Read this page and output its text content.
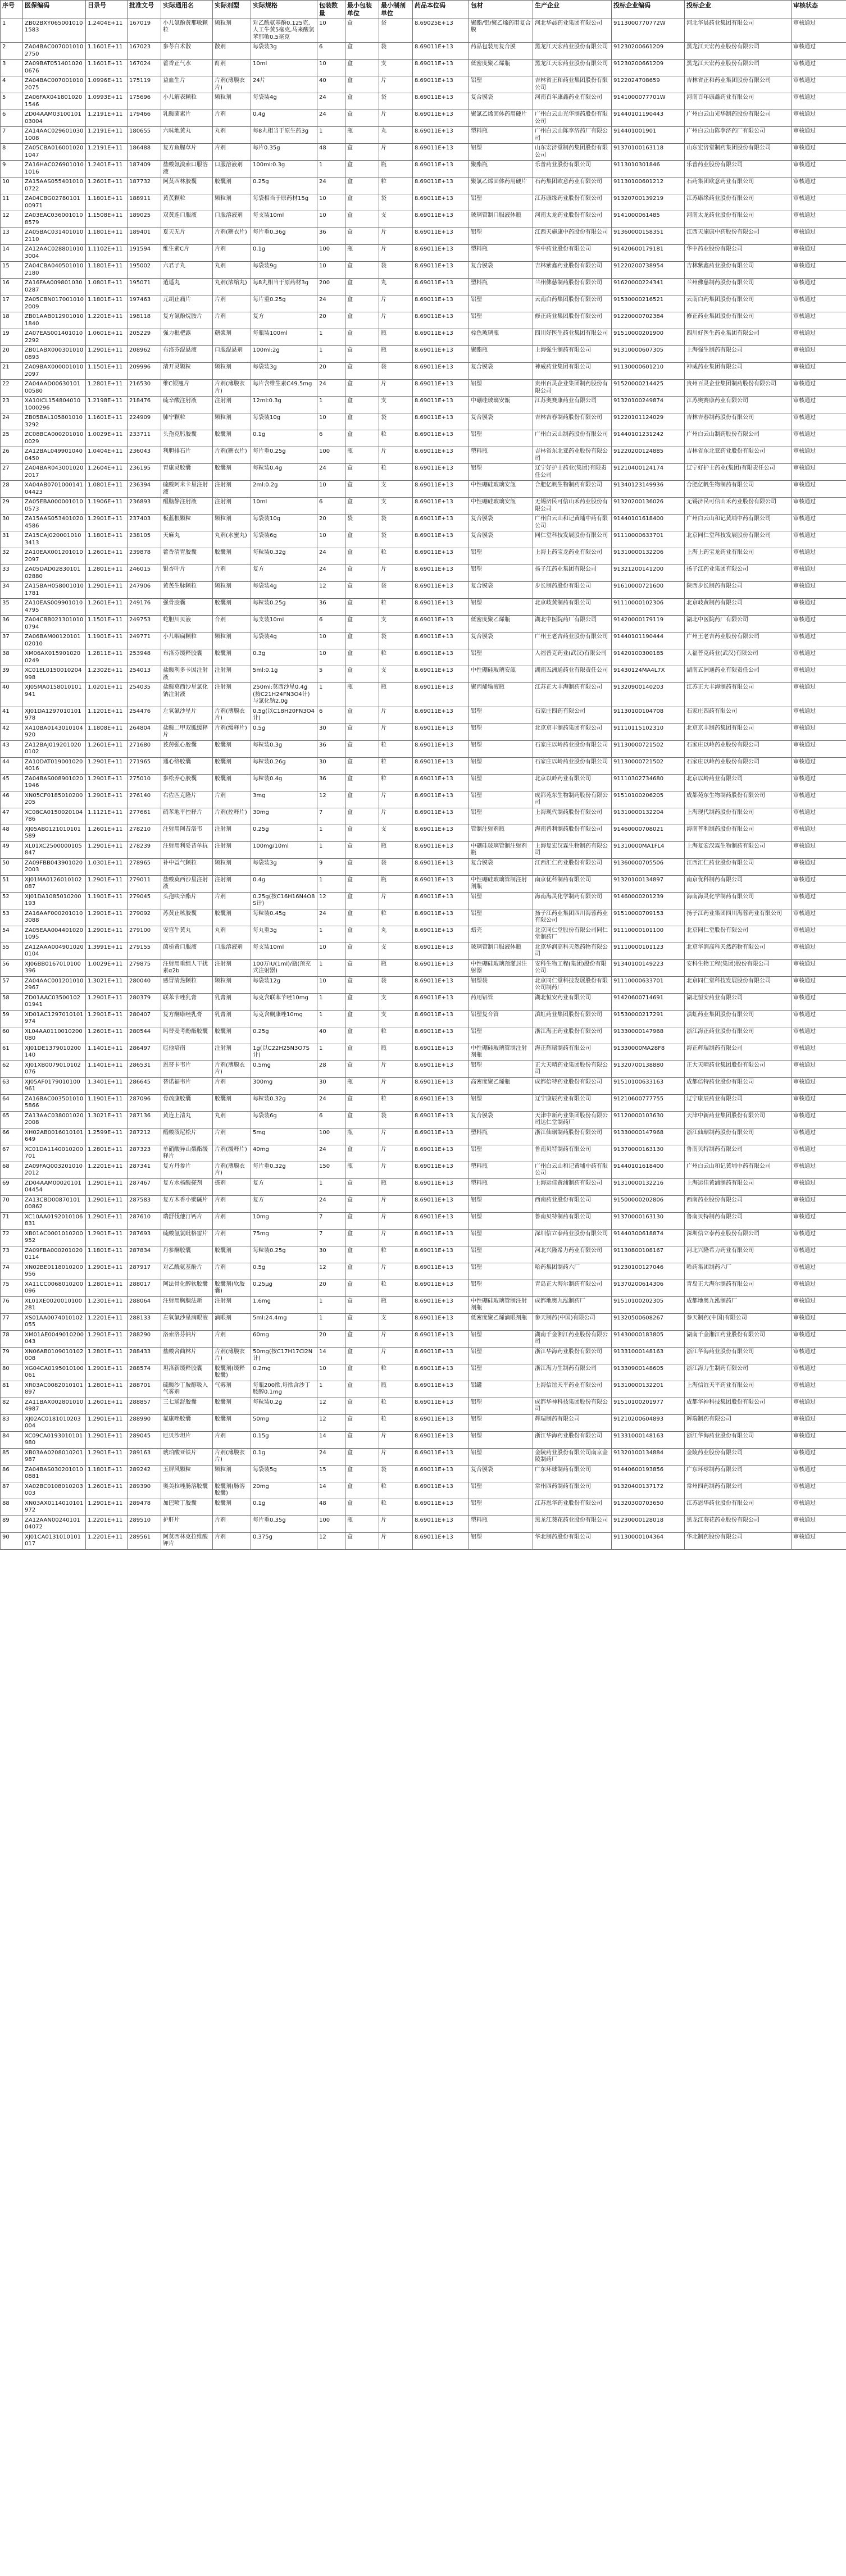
序号	医保编码	目录号	批准文号	实际通用名	实际剂型	实际规格	包装数量	最小包装单位	最小制剂单位	药品本位码	包材	生产企业	投标企业编码	投标企业	审核状态
1	ZB02BXY0650010101583	1.2404E+11	167019	小儿氨酚黄那敏颗粒	颗粒剂	对乙酰氨基酚0.125克,人工牛黄5毫克,马来酸氯苯那敏0.5毫克	10	盒	袋	8.69025E+13	聚酯/铝/聚乙烯药用复合膜	河北华晨药业集团有限公司	9113000770772W	河北华晨药业集团有限公司	审核通过
2	ZA04BAC0070010102750	1.1601E+11	167023	参苓白术散	散剂	每袋装3g	6	盒	袋	8.69011E+13	药品包装用复合膜	黑龙江天宏药业股份有限公司	91230200661209	黑龙江天宏药业股份有限公司	审核通过
3	ZA09BAT0514010200676	1.1601E+11	167024	藿香正气水	酊剂	10ml	10	盒	支	8.69011E+13	低密度聚乙烯瓶	黑龙江天宏药业股份有限公司	91230200661209	黑龙江天宏药业股份有限公司	审核通过
4	ZA04BAC0070010102075	1.0996E+11	175119	益血生片	片剂(薄膜衣片)	24片	40	盒	片	8.69011E+13	铝塑	吉林省正和药业集团股份有限公司	9122024708659	吉林省正和药业集团股份有限公司	审核通过
5	ZA06FAX0418010201546	1.0993E+11	175696	小儿解表颗粒	颗粒剂	每袋装4g	24	盒	袋	8.69011E+13	复合膜袋	河南百年康鑫药业有限公司	9141000077701W	河南百年康鑫药业有限公司	审核通过
6	ZD04AAM0310010103004	1.2191E+11	179466	乳酸菌素片	片剂	0.4g	24	盒	片	8.69011E+13	聚氯乙烯固体药用硬片	广州白云山光华制药股份有限公司	91440101190443	广州白云山光华制药股份有限公司	审核通过
7	ZA14AAC0296010301008	1.2191E+11	180655	六味地黄丸	丸剂	每8丸相当于原生药3g	1	瓶	丸	8.69011E+13	塑料瓶	广州白云山陈李济药厂有限公司	914401001901	广州白云山陈李济药厂有限公司	审核通过
8	ZA05CBA0160010201047	1.2191E+11	186488	复方鱼腥草片	片剂	每片0.35g	48	盒	片	8.69011E+13	铝塑	山东宏济堂制药集团股份有限公司	91370100163118	山东宏济堂制药集团股份有限公司	审核通过
9	ZA16HAC0269010101016	1.2401E+11	187409	盐酸氨溴索口服溶液	口服溶液剂	100ml:0.3g	1	盒	瓶	8.69011E+13	聚酯瓶	乐普药业股份有限公司	9113010301846	乐普药业股份有限公司	审核通过
10	ZA15AAS0554010100722	1.2601E+11	187732	阿莫西林胶囊	胶囊剂	0.25g	24	盒	粒	8.69011E+13	聚氯乙烯固体药用硬片	石药集团欧意药业有限公司	91130100601212	石药集团欧意药业有限公司	审核通过
11	ZA04CBG0278010100971	1.1801E+11	188911	黄芪颗粒	颗粒剂	每袋相当于原药材15g	10	盒	袋	8.69011E+13	铝塑	江苏康缘药业股份有限公司	91320700139219	江苏康缘药业股份有限公司	审核通过
12	ZA03EAC0360010108579	1.1508E+11	189025	双黄连口服液	口服溶液剂	每支装10ml	10	盒	支	8.69011E+13	玻璃管制口服液体瓶	河南太龙药业股份有限公司	9141000061485	河南太龙药业股份有限公司	审核通过
13	ZA05BAC0314010102110	1.1801E+11	189401	夏天无片	片剂(糖衣片)	每片重0.36g	36	盒	片	8.69011E+13	铝塑	江西天施康中药股份有限公司	91360000158351	江西天施康中药股份有限公司	审核通过
14	ZA12AAC0288010103004	1.1102E+11	191594	维生素C片	片剂	0.1g	100	瓶	片	8.69011E+13	塑料瓶	华中药业股份有限公司	91420600179181	华中药业股份有限公司	审核通过
15	ZA04CBA0405010102180	1.1801E+11	195002	六君子丸	丸剂	每袋装9g	10	盒	袋	8.69011E+13	复合膜袋	吉林紫鑫药业股份有限公司	91220200738954	吉林紫鑫药业股份有限公司	审核通过
16	ZA16FAA0098010300287	1.0801E+11	195071	逍遥丸	丸剂(浓缩丸)	每8丸相当于原药材3g	200	盒	丸	8.69011E+13	塑料瓶	兰州佛慈制药股份有限公司	91620000224341	兰州佛慈制药股份有限公司	审核通过
17	ZA05CBN0170010102009	1.1801E+11	197463	元胡止痛片	片剂	每片重0.25g	24	盒	片	8.69011E+13	铝塑	云南白药集团股份有限公司	91530000216521	云南白药集团股份有限公司	审核通过
18	ZB01AAB0129010101840	1.2201E+11	198118	复方氨酚烷胺片	片剂	复方	20	盒	片	8.69011E+13	铝塑	修正药业集团股份有限公司	91220000702384	修正药业集团股份有限公司	审核通过
19	ZA07EAS0014010102292	1.0601E+11	205229	强力枇杷露	糖浆剂	每瓶装100ml	1	盒	瓶	8.69011E+13	棕色玻璃瓶	四川好医生药业集团有限公司	91510000201900	四川好医生药业集团有限公司	审核通过
20	ZB01ABX0003010100893	1.2901E+11	208962	布洛芬混悬液	口服混悬剂	100ml:2g	1	盒	瓶	8.69011E+13	聚酯瓶	上海强生制药有限公司	91310000607305	上海强生制药有限公司	审核通过
21	ZA09BAX0000010102097	1.1501E+11	209996	清开灵颗粒	颗粒剂	每袋装3g	20	盒	袋	8.69011E+13	复合膜袋	神威药业集团有限公司	91130000601210	神威药业集团有限公司	审核通过
22	ZA04AAD0063010100580	1.2801E+11	216530	维C银翘片	片剂(薄膜衣片)	每片含维生素C49.5mg	24	盒	片	8.69011E+13	铝塑	贵州百灵企业集团制药股份有限公司	91520000214425	贵州百灵企业集团制药股份有限公司	审核通过
23	XA10ICL1548040101000296	1.2198E+11	218476	硫辛酸注射液	注射剂	12ml:0.3g	1	盒	支	8.69011E+13	中硼硅玻璃安瓿	江苏奥赛康药业有限公司	91320100249874	江苏奥赛康药业有限公司	审核通过
24	ZB05BAL1058010103292	1.1601E+11	224909	肺宁颗粒	颗粒剂	每袋装10g	10	盒	袋	8.69011E+13	复合膜袋	吉林吉春制药股份有限公司	91220101124029	吉林吉春制药股份有限公司	审核通过
25	ZC08BCA0002010100029	1.0029E+11	233711	头孢克肟胶囊	胶囊剂	0.1g	6	盒	粒	8.69011E+13	铝塑	广州白云山制药股份有限公司	91440101231242	广州白云山制药股份有限公司	审核通过
26	ZA12BAL0499010400450	1.0404E+11	236043	利胆排石片	片剂(糖衣片)	每片重0.25g	100	瓶	片	8.69011E+13	塑料瓶	吉林省东北亚药业股份有限公司	91220200124885	吉林省东北亚药业股份有限公司	审核通过
27	ZA04BAR0430010202017	1.2604E+11	236195	胃康灵胶囊	胶囊剂	每粒装0.4g	24	盒	粒	8.69011E+13	铝塑	辽宁好护士药业(集团)有限责任公司	91210400124174	辽宁好护士药业(集团)有限责任公司	审核通过
28	XA04AB070100014104423	1.0801E+11	236394	硫酸阿米卡星注射液	注射剂	2ml:0.2g	10	盒	支	8.69011E+13	中性硼硅玻璃安瓿	合肥亿帆生物制药有限公司	91340123149936	合肥亿帆生物制药有限公司	审核通过
29	ZA05EBA0000010100573	1.1906E+11	236893	醒脑静注射液	注射剂	10ml	6	盒	支	8.69011E+13	中性硼硅玻璃安瓿	无锡济民可信山禾药业股份有限公司	91320200136026	无锡济民可信山禾药业股份有限公司	审核通过
30	ZA15AAS0534010204586	1.2901E+11	237403	板蓝根颗粒	颗粒剂	每袋装10g	20	袋	袋	8.69011E+13	复合膜袋	广州白云山和记黄埔中药有限公司	91440101618400	广州白云山和记黄埔中药有限公司	审核通过
31	ZA15CAJ0200010103413	1.1801E+11	238105	天麻丸	丸剂(水蜜丸)	每袋装6g	10	盒	袋	8.69011E+13	复合膜袋	同仁堂科技发展股份有限公司	91110000633701	北京同仁堂科技发展股份有限公司	审核通过
32	ZA10EAX0012010102097	1.2601E+11	239878	藿香清胃胶囊	胶囊剂	每粒装0.32g	24	盒	粒	8.69011E+13	铝塑	上海上药宝龙药业有限公司	91310000132206	上海上药宝龙药业有限公司	审核通过
33	ZA05DAD0283010102880	1.2801E+11	246015	银杏叶片	片剂	复方	24	盒	片	8.69011E+13	铝塑	扬子江药业集团有限公司	91321200141200	扬子江药业集团有限公司	审核通过
34	ZA15BAH0580010101781	1.2901E+11	247906	黄芪生脉颗粒	颗粒剂	每袋装4g	12	盒	袋	8.69011E+13	复合膜袋	步长制药股份有限公司	91610000721600	陕西步长制药有限公司	审核通过
35	ZA10EAS0099010104795	1.2601E+11	249176	强骨胶囊	胶囊剂	每粒装0.25g	36	盒	粒	8.69011E+13	铝塑	北京岐黄制药有限公司	91110000102306	北京岐黄制药有限公司	审核通过
36	ZA04CBB0213010100794	1.1501E+11	249753	蛇胆川贝液	合剂	每支装10ml	6	盒	支	8.69011E+13	低密度聚乙烯瓶	湖北中医院药厂有限公司	91420000179119	湖北中医院药厂有限公司	审核通过
37	ZA06BAM0012010102010	1.1901E+11	249771	小儿咽扁颗粒	颗粒剂	每袋装4g	10	盒	袋	8.69011E+13	复合膜袋	广州王老吉药业股份有限公司	91440101190444	广州王老吉药业股份有限公司	审核通过
38	XM06AX0159010200249	1.2811E+11	253948	布洛芬缓释胶囊	胶囊剂	0.3g	10	盒	粒	8.69011E+13	铝塑	人福普克药业(武汉)有限公司	91420100300185	人福普克药业(武汉)有限公司	审核通过
39	XC01EL0150010204998	1.2302E+11	254013	盐酸利多卡因注射液	注射剂	5ml:0.1g	5	盒	支	8.69011E+13	中性硼硅玻璃安瓿	湖南五洲通药业有限责任公司	91430124MA4L7X	湖南五洲通药业有限责任公司	审核通过
40	XJ05MA0158010101941	1.0201E+11	254035	盐酸莫西沙星氯化钠注射液	注射剂	250ml:莫西沙星0.4g(按C21H24FN3O4计)与氯化钠2.0g	1	瓶	瓶	8.69011E+13	聚丙烯输液瓶	江苏正大丰海制药有限公司	91320900140203	江苏正大丰海制药有限公司	审核通过
41	XJ01DA1297010101978	1.1201E+11	254476	左氧氟沙星片	片剂(薄膜衣片)	0.5g(以C18H20FN3O4计)	6	盒	片	8.69011E+13	铝塑	石家庄四药有限公司	91130100104708	石家庄四药有限公司	审核通过
42	XA10BA0143010104920	1.1808E+11	264804	盐酸二甲双胍缓释片	片剂(缓释片)	0.5g	30	盒	片	8.69011E+13	铝塑	北京京丰制药集团有限公司	91110115102310	北京京丰制药集团有限公司	审核通过
43	ZA12BAJ0192010200102	1.2601E+11	271680	芪苈强心胶囊	胶囊剂	每粒装0.3g	36	盒	粒	8.69011E+13	铝塑	石家庄以岭药业股份有限公司	91130000721502	石家庄以岭药业股份有限公司	审核通过
44	ZA10DAT0190010204016	1.2901E+11	271965	通心络胶囊	胶囊剂	每粒装0.26g	30	盒	粒	8.69011E+13	铝塑	石家庄以岭药业股份有限公司	91130000721502	石家庄以岭药业股份有限公司	审核通过
45	ZA04BAS0089010201946	1.2901E+11	275010	参松养心胶囊	胶囊剂	每粒装0.4g	36	盒	粒	8.69011E+13	铝塑	北京以岭药业有限公司	91110302734680	北京以岭药业有限公司	审核通过
46	XN05CF0185010200205	1.2901E+11	276140	右佐匹克隆片	片剂	3mg	12	盒	片	8.69011E+13	铝塑	成都苑东生物制药股份有限公司	91510100206205	成都苑东生物制药股份有限公司	审核通过
47	XC08CA0150020104786	1.1121E+11	277661	硝苯地平控释片	片剂(控释片)	30mg	7	盒	片	8.69011E+13	铝塑	上海现代制药股份有限公司	91310000132204	上海现代制药股份有限公司	审核通过
48	XJ05AB0121010101589	1.2601E+11	278210	注射用阿昔洛韦	注射剂	0.25g	1	盒	支	8.69011E+13	管制注射剂瓶	海南普利制药股份有限公司	91460000708021	海南普利制药股份有限公司	审核通过
49	XL01XC2500000105847	1.2901E+11	278239	注射用利妥昔单抗	注射剂	100mg/10ml	1	盒	瓶	8.69011E+13	中硼硅玻璃管制注射剂瓶	上海复宏汉霖生物制药有限公司	91310000MA1FL4	上海复宏汉霖生物制药有限公司	审核通过
50	ZA09FBB0439010202003	1.0301E+11	278965	补中益气颗粒	颗粒剂	每袋装3g	9	盒	袋	8.69011E+13	复合膜袋	江西汇仁药业股份有限公司	91360000705506	江西汇仁药业股份有限公司	审核通过
51	XJ01MA0126010102087	1.2901E+11	279011	盐酸莫西沙星注射液	注射剂	0.4g	1	盒	瓶	8.69011E+13	中性硼硅玻璃管制注射剂瓶	南京优科制药有限公司	91320100134897	南京优科制药有限公司	审核通过
52	XJ01DA1085010200193	1.1901E+11	279045	头孢呋辛酯片	片剂	0.25g(按C16H16N4O8S计)	12	盒	片	8.69011E+13	铝塑	海南海灵化学制药有限公司	91460000201239	海南海灵化学制药有限公司	审核通过
53	ZA16AAF0002010103088	1.2901E+11	279092	苏黄止咳胶囊	胶囊剂	每粒装0.45g	24	盒	粒	8.69011E+13	铝塑	扬子江药业集团四川海蓉药业有限公司	91510000709153	扬子江药业集团四川海蓉药业有限公司	审核通过
54	ZA05EAA0044010201095	1.2901E+11	279100	安宫牛黄丸	丸剂	每丸重3g	1	盒	丸	8.69011E+13	蜡壳	北京同仁堂股份有限公司同仁堂制药厂	91110000101100	北京同仁堂股份有限公司	审核通过
55	ZA12AAA0049010200104	1.3991E+11	279155	茵栀黄口服液	口服溶液剂	每支装10ml	10	盒	支	8.69011E+13	玻璃管制口服液体瓶	北京华润高科天然药物有限公司	91110000101123	北京华润高科天然药物有限公司	审核通过
56	XJ06BB0167010100396	1.0029E+11	279875	注射用重组人干扰素α2b	注射剂	100万IU(1ml)/瓶(预充式注射器)	1	盒	瓶	8.69011E+13	中性硼硅玻璃预灌封注射器	安科生物工程(集团)股份有限公司	91340100149223	安科生物工程(集团)股份有限公司	审核通过
57	ZA04AAC0012010102967	1.3021E+11	280040	感冒清热颗粒	颗粒剂	每袋装12g	10	盒	袋	8.69011E+13	铝塑袋	北京同仁堂科技发展股份有限公司制药厂	91110000633701	北京同仁堂科技发展股份有限公司	审核通过
58	ZD01AAC0350010201941	1.2901E+11	280379	联苯苄唑乳膏	乳膏剂	每克含联苯苄唑10mg	1	盒	支	8.69011E+13	药用铝管	湖北恒安药业有限公司	91420600714691	湖北恒安药业有限公司	审核通过
59	XD01AC1297010101974	1.2901E+11	280407	复方酮康唑乳膏	乳膏剂	每克含酮康唑10mg	1	盒	支	8.69011E+13	铝塑复合管	滇虹药业集团股份有限公司	91530000217291	滇虹药业集团股份有限公司	审核通过
60	XL04AA0110010200080	1.2601E+11	280544	吗替麦考酚酯胶囊	胶囊剂	0.25g	40	盒	粒	8.69011E+13	铝塑	浙江海正药业股份有限公司	91330000147968	浙江海正药业股份有限公司	审核通过
61	XJ01DE1379010200140	1.1401E+11	286497	厄他培南	注射剂	1g(以C22H25N3O7S计)	1	盒	瓶	8.69011E+13	中性硼硅玻璃管制注射剂瓶	海正辉瑞制药有限公司	91330000MA28F8	海正辉瑞制药有限公司	审核通过
62	XJ01XB0079010102076	1.1401E+11	286531	恩替卡韦片	片剂(薄膜衣片)	0.5mg	28	盒	片	8.69011E+13	铝塑	正大天晴药业集团股份有限公司	91320700138880	正大天晴药业集团股份有限公司	审核通过
63	XJ05AF0179010100961	1.3401E+11	286645	替诺福韦片	片剂	300mg	30	瓶	片	8.69011E+13	高密度聚乙烯瓶	成都倍特药业股份有限公司	91510100633163	成都倍特药业股份有限公司	审核通过
64	ZA16BAC0035010105866	1.1901E+11	287096	骨疏康胶囊	胶囊剂	每粒装0.32g	24	盒	粒	8.69011E+13	铝塑	辽宁康辰药业有限公司	91210600777755	辽宁康辰药业有限公司	审核通过
65	ZA13AAC0380010202008	1.3021E+11	287136	黄连上清丸	丸剂	每袋装6g	6	盒	袋	8.69011E+13	复合膜袋	天津中新药业集团股份有限公司达仁堂制药厂	91120000103630	天津中新药业集团股份有限公司	审核通过
66	XH02AB0016010101649	1.2599E+11	287212	醋酸泼尼松片	片剂	5mg	100	瓶	片	8.69011E+13	塑料瓶	浙江仙琚制药股份有限公司	91330000147968	浙江仙琚制药股份有限公司	审核通过
67	XC01DA1140010200701	1.2801E+11	287323	单硝酸异山梨酯缓释片	片剂(缓释片)	40mg	24	盒	片	8.69011E+13	铝塑	鲁南贝特制药有限公司	91370000163130	鲁南贝特制药有限公司	审核通过
68	ZA09FAQ0032010102012	1.2201E+11	287341	复方丹参片	片剂(薄膜衣片)	每片重0.32g	150	瓶	片	8.69011E+13	塑料瓶	广州白云山和记黄埔中药有限公司	91440101618400	广州白云山和记黄埔中药有限公司	审核通过
69	ZD04AAM0002010104454	1.2901E+11	287467	复方水杨酸搽剂	搽剂	复方	1	盒	瓶	8.69011E+13	塑料瓶	上海运佳黄浦制药有限公司	91310000132216	上海运佳黄浦制药有限公司	审核通过
70	ZA13CBD0087010100862	1.2901E+11	287583	复方木香小檗碱片	片剂	复方	24	盒	片	8.69011E+13	铝塑	西南药业股份有限公司	91500000202806	西南药业股份有限公司	审核通过
71	XC10AA0192010106831	1.2901E+11	287610	瑞舒伐他汀钙片	片剂	10mg	7	盒	片	8.69011E+13	铝塑	鲁南贝特制药有限公司	91370000163130	鲁南贝特制药有限公司	审核通过
72	XB01AC0001010200952	1.2901E+11	287693	硫酸氢氯吡格雷片	片剂	75mg	7	盒	片	8.69011E+13	铝塑	深圳信立泰药业股份有限公司	91440300618874	深圳信立泰药业股份有限公司	审核通过
73	ZA09FBA0002010200114	1.1801E+11	287834	丹参酮胶囊	胶囊剂	每粒装0.25g	30	盒	粒	8.69011E+13	铝塑	河北兴隆希力药业有限公司	91130800108167	河北兴隆希力药业有限公司	审核通过
74	XN02BE0118010200956	1.2901E+11	287917	对乙酰氨基酚片	片剂	0.5g	12	盒	片	8.69011E+13	铝塑	哈药集团制药六厂	91230100127046	哈药集团制药六厂	审核通过
75	XA11CC0068010200096	1.2801E+11	288017	阿法骨化醇软胶囊	胶囊剂(软胶囊)	0.25μg	20	盒	粒	8.69011E+13	铝塑	青岛正大海尔制药有限公司	91370200614306	青岛正大海尔制药有限公司	审核通过
76	XL01XE0020010100281	1.2301E+11	288064	注射用胸腺法新	注射剂	1.6mg	1	盒	瓶	8.69011E+13	中性硼硅玻璃管制注射剂瓶	成都地奥九泓制药厂	91510100202305	成都地奥九泓制药厂	审核通过
77	XS01AA0074010102055	1.2201E+11	288133	左氧氟沙星滴眼液	滴眼剂	5ml:24.4mg	1	盒	支	8.69011E+13	低密度聚乙烯滴眼剂瓶	参天制药(中国)有限公司	91320500608267	参天制药(中国)有限公司	审核通过
78	XM01AE0049010200043	1.2901E+11	288290	洛索洛芬钠片	片剂	60mg	20	盒	片	8.69011E+13	铝塑	湖南千金湘江药业股份有限公司	91430000183805	湖南千金湘江药业股份有限公司	审核通过
79	XN06AB0109010102008	1.2801E+11	288433	盐酸舍曲林片	片剂(薄膜衣片)	50mg(按C17H17Cl2N计)	14	盒	片	8.69011E+13	铝塑	浙江华海药业股份有限公司	91331000148163	浙江华海药业股份有限公司	审核通过
80	XG04CA0195010100061	1.2901E+11	288574	坦洛新缓释胶囊	胶囊剂(缓释胶囊)	0.2mg	10	盒	粒	8.69011E+13	铝塑	浙江海力生制药有限公司	91330900148605	浙江海力生制药有限公司	审核通过
81	XR03AC0082010101897	1.2801E+11	288701	硫酸沙丁胺醇吸入气雾剂	气雾剂	每瓶200揿,每揿含沙丁胺醇0.1mg	1	盒	瓶	8.69011E+13	铝罐	上海信谊天平药业有限公司	91310000132201	上海信谊天平药业有限公司	审核通过
82	ZA11BAX0028010104987	1.2601E+11	288857	三七通舒胶囊	胶囊剂	每粒装0.2g	12	盒	粒	8.69011E+13	铝塑	成都华神科技集团股份有限公司	91510100201977	成都华神科技集团股份有限公司	审核通过
83	XJ02AC0181010203004	1.2901E+11	288990	氟康唑胶囊	胶囊剂	50mg	12	盒	粒	8.69011E+13	铝塑	辉瑞制药有限公司	91210200604893	辉瑞制药有限公司	审核通过
84	XC09CA0193010101980	1.2901E+11	289045	厄贝沙坦片	片剂	0.15g	14	盒	片	8.69011E+13	铝塑	浙江华海药业股份有限公司	91331000148163	浙江华海药业股份有限公司	审核通过
85	XB03AA0208010201987	1.2901E+11	289163	琥珀酸亚铁片	片剂(薄膜衣片)	0.1g	24	盒	片	8.69011E+13	铝塑	金陵药业股份有限公司南京金陵制药厂	91320100134884	金陵药业股份有限公司	审核通过
86	ZA04BAS0302010100881	1.1801E+11	289242	玉屏风颗粒	颗粒剂	每袋装5g	15	盒	袋	8.69011E+13	复合膜袋	广东环球制药有限公司	91440600193856	广东环球制药有限公司	审核通过
87	XA02BC0108010203003	1.2601E+11	289390	奥美拉唑肠溶胶囊	胶囊剂(肠溶胶囊)	20mg	14	盒	粒	8.69011E+13	铝塑	常州四药制药有限公司	91320400137172	常州四药制药有限公司	审核通过
88	XN03AX0114010101972	1.2901E+11	289478	加巴喷丁胶囊	胶囊剂	0.1g	48	盒	粒	8.69011E+13	铝塑	江苏恩华药业股份有限公司	91320300703650	江苏恩华药业股份有限公司	审核通过
89	ZA12AAN0024010104072	1.2201E+11	289510	护肝片	片剂	每片重0.35g	100	瓶	片	8.69011E+13	塑料瓶	黑龙江葵花药业股份有限公司	91230000128018	黑龙江葵花药业股份有限公司	审核通过
90	XJ01CA0131010101017	1.2201E+11	289561	阿莫西林克拉维酸钾片	片剂	0.375g	12	盒	片	8.69011E+13	铝塑	华北制药股份有限公司	91130000104364	华北制药股份有限公司	审核通过
